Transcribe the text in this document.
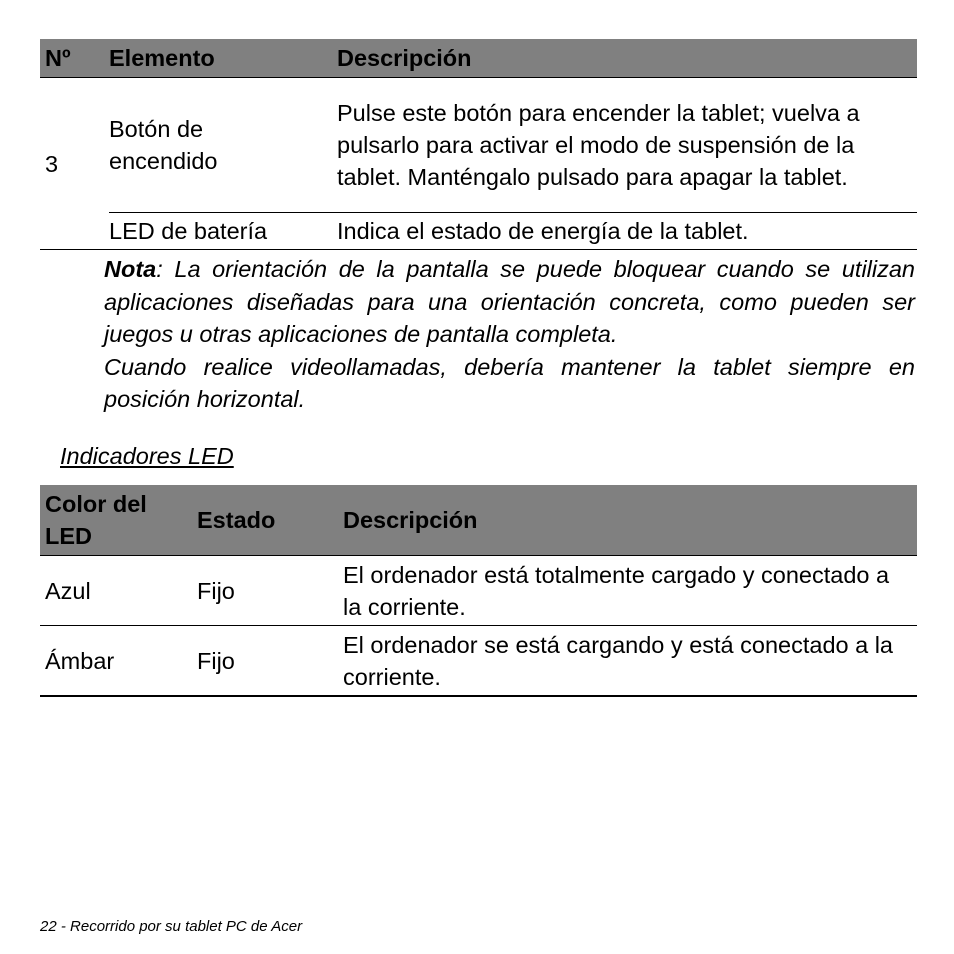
Nº	Elemento	Descripción
3	Botón de encendido	Pulse este botón para encender la tablet; vuelva a pulsarlo para activar el modo de suspensión de la tablet. Manténgalo pulsado para apagar la tablet.
	LED de batería	Indica el estado de energía de la tablet.

Nota: La orientación de la pantalla se puede bloquear cuando se utilizan aplicaciones diseñadas para una orientación concreta, como pueden ser juegos u otras aplicaciones de pantalla completa.

Cuando realice videollamadas, debería mantener la tablet siempre en posición horizontal.

Indicadores LED
Color del LED	Estado	Descripción
Azul	Fijo	El ordenador está totalmente cargado y conectado a la corriente.
Ámbar	Fijo	El ordenador se está cargando y está conectado a la corriente.
22 - Recorrido por su tablet PC de Acer
